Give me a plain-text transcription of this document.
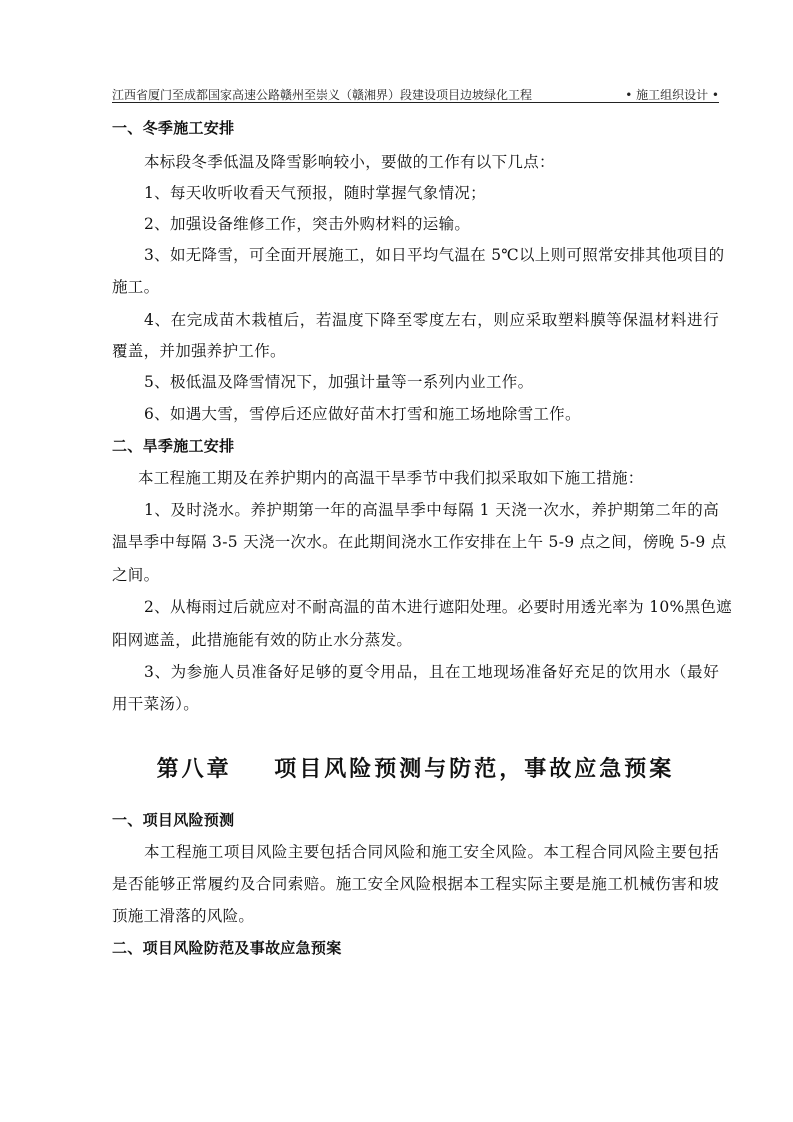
江西省厦门至成都国家高速公路赣州至崇义（赣湘界）段建设项目边坡绿化工程	• 施工组织设计 •
一、冬季施工安排
本标段冬季低温及降雪影响较小，要做的工作有以下几点：
1、每天收听收看天气预报，随时掌握气象情况；
2、加强设备维修工作，突击外购材料的运输。
3、如无降雪，可全面开展施工，如日平均气温在 5℃以上则可照常安排其他项目的
施工。
4、在完成苗木栽植后，若温度下降至零度左右，则应采取塑料膜等保温材料进行
覆盖，并加强养护工作。
5、极低温及降雪情况下，加强计量等一系列内业工作。
6、如遇大雪，雪停后还应做好苗木打雪和施工场地除雪工作。
二、旱季施工安排
本工程施工期及在养护期内的高温干旱季节中我们拟采取如下施工措施：
1、及时浇水。养护期第一年的高温旱季中每隔 1 天浇一次水，养护期第二年的高
温旱季中每隔 3-5 天浇一次水。在此期间浇水工作安排在上午 5-9 点之间，傍晚 5-9 点
之间。
2、从梅雨过后就应对不耐高温的苗木进行遮阳处理。必要时用透光率为 10%黑色遮
阳网遮盖，此措施能有效的防止水分蒸发。
3、为参施人员准备好足够的夏令用品，且在工地现场准备好充足的饮用水（最好
用干菜汤）。
第八章    项目风险预测与防范，事故应急预案
一、项目风险预测
本工程施工项目风险主要包括合同风险和施工安全风险。本工程合同风险主要包括
是否能够正常履约及合同索赔。施工安全风险根据本工程实际主要是施工机械伤害和坡
顶施工滑落的风险。
二、项目风险防范及事故应急预案
